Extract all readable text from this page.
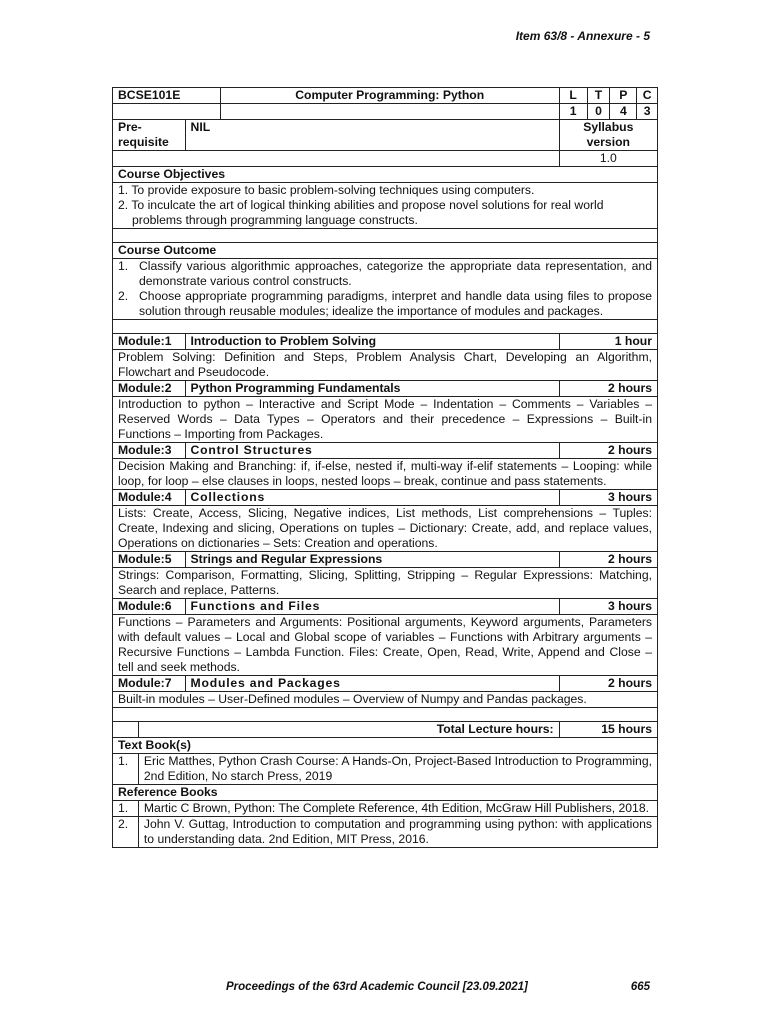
Item 63/8 - Annexure - 5
BCSE101E			Computer Programming: Python	L	T	P	C
				1	0	4	3
Pre-requisite		NIL		Syllabus version			
				1.0			
Course Objectives							

1. To provide exposure to basic problem-solving techniques using computers.
2. To inculcate the art of logical thinking abilities and propose novel solutions for real world
problems through programming language constructs.							

Course Outcome							

1. Classify various algorithmic approaches, categorize the appropriate data representation, and demonstrate various control constructs.
2. Choose appropriate programming paradigms, interpret and handle data using files to propose solution through reusable modules; idealize the importance of modules and packages.							

Module:1		Introduction to Problem Solving		1 hour			
Problem Solving: Definition and Steps, Problem Analysis Chart, Developing an Algorithm, Flowchart and Pseudocode.							
Module:2		Python Programming Fundamentals		2 hours			
Introduction to python – Interactive and Script Mode – Indentation – Comments – Variables – Reserved Words – Data Types – Operators and their precedence – Expressions – Built-in Functions – Importing from Packages.							
Module:3		Control Structures		2 hours			
Decision Making and Branching: if, if-else, nested if, multi-way if-elif statements – Looping: while loop, for loop – else clauses in loops, nested loops – break, continue and pass statements.							
Module:4		Collections		3 hours			
Lists: Create, Access, Slicing, Negative indices, List methods, List comprehensions – Tuples: Create, Indexing and slicing, Operations on tuples – Dictionary: Create, add, and replace values, Operations on dictionaries – Sets: Creation and operations.							
Module:5		Strings and Regular Expressions		2 hours			
Strings: Comparison, Formatting, Slicing, Splitting, Stripping – Regular Expressions: Matching, Search and replace, Patterns.							
Module:6		Functions and Files		3 hours			
Functions – Parameters and Arguments: Positional arguments, Keyword arguments, Parameters with default values – Local and Global scope of variables – Functions with Arbitrary arguments – Recursive Functions – Lambda Function. Files: Create, Open, Read, Write, Append and Close – tell and seek methods.							
Module:7		Modules and Packages		2 hours			
Built-in modules – User-Defined modules – Overview of Numpy and Pandas packages.							

	Total Lecture hours:			15 hours			
Text Book(s)							
1.	Eric Matthes, Python Crash Course: A Hands-On, Project-Based Introduction to Programming, 2nd Edition, No starch Press, 2019						
Reference Books							
1.	Martic C Brown, Python: The Complete Reference, 4th Edition, McGraw Hill Publishers, 2018.						
2.	John V. Guttag, Introduction to computation and programming using python: with applications to understanding data. 2nd Edition, MIT Press, 2016.						
Proceedings of the 63rd Academic Council [23.09.2021]	665
